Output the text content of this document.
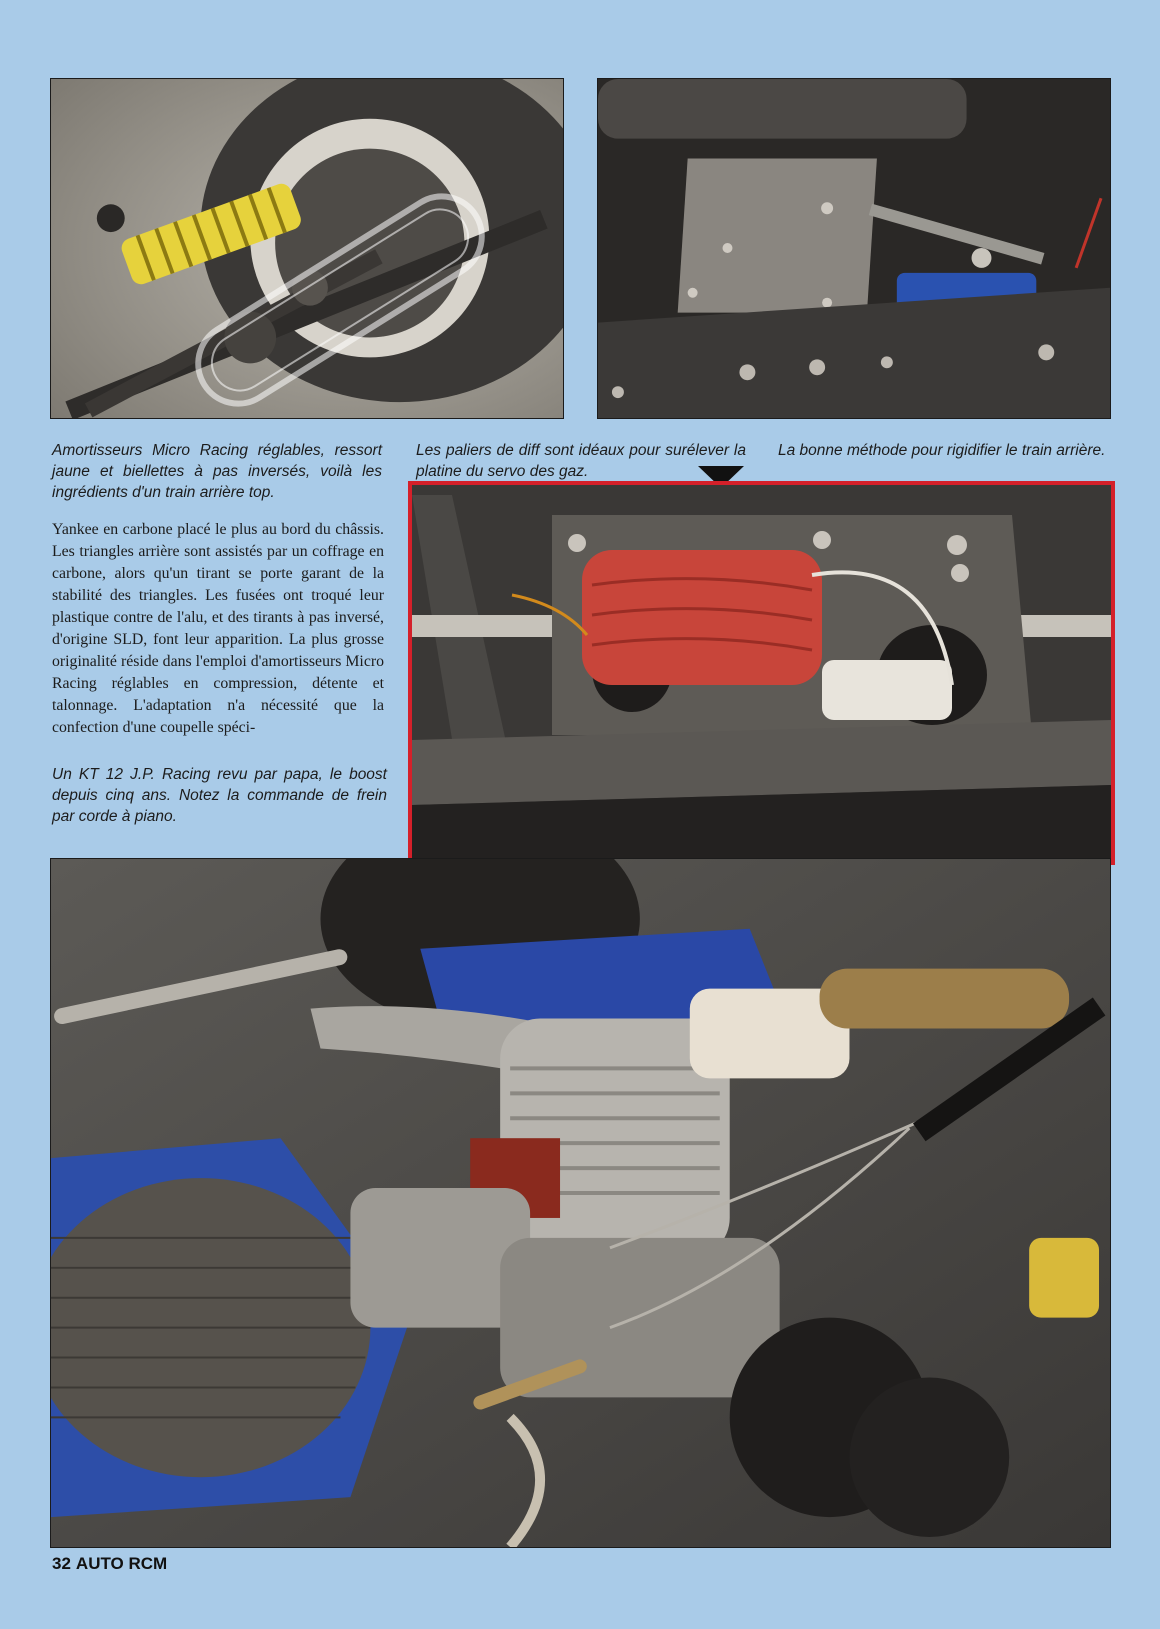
Amortisseurs Micro Racing réglables, ressort jaune et biellettes à pas inversés, voilà les ingrédients d'un train arrière top.

Les paliers de diff sont idéaux pour surélever la platine du servo des gaz.

La bonne méthode pour rigidifier le train arrière.

Yankee en carbone placé le plus au bord du châssis. Les triangles arrière sont assistés par un coffrage en carbone, alors qu'un tirant se porte garant de la stabilité des triangles. Les fusées ont troqué leur plastique contre de l'alu, et des tirants à pas inversé, d'origine SLD, font leur apparition. La plus grosse originalité réside dans l'emploi d'amortisseurs Micro Racing réglables en compression, détente et talonnage. L'adaptation n'a nécessité que la confection d'une coupelle spéci-

Un KT 12 J.P. Racing revu par papa, le boost depuis cinq ans. Notez la commande de frein par corde à piano.

32 AUTO RCM
